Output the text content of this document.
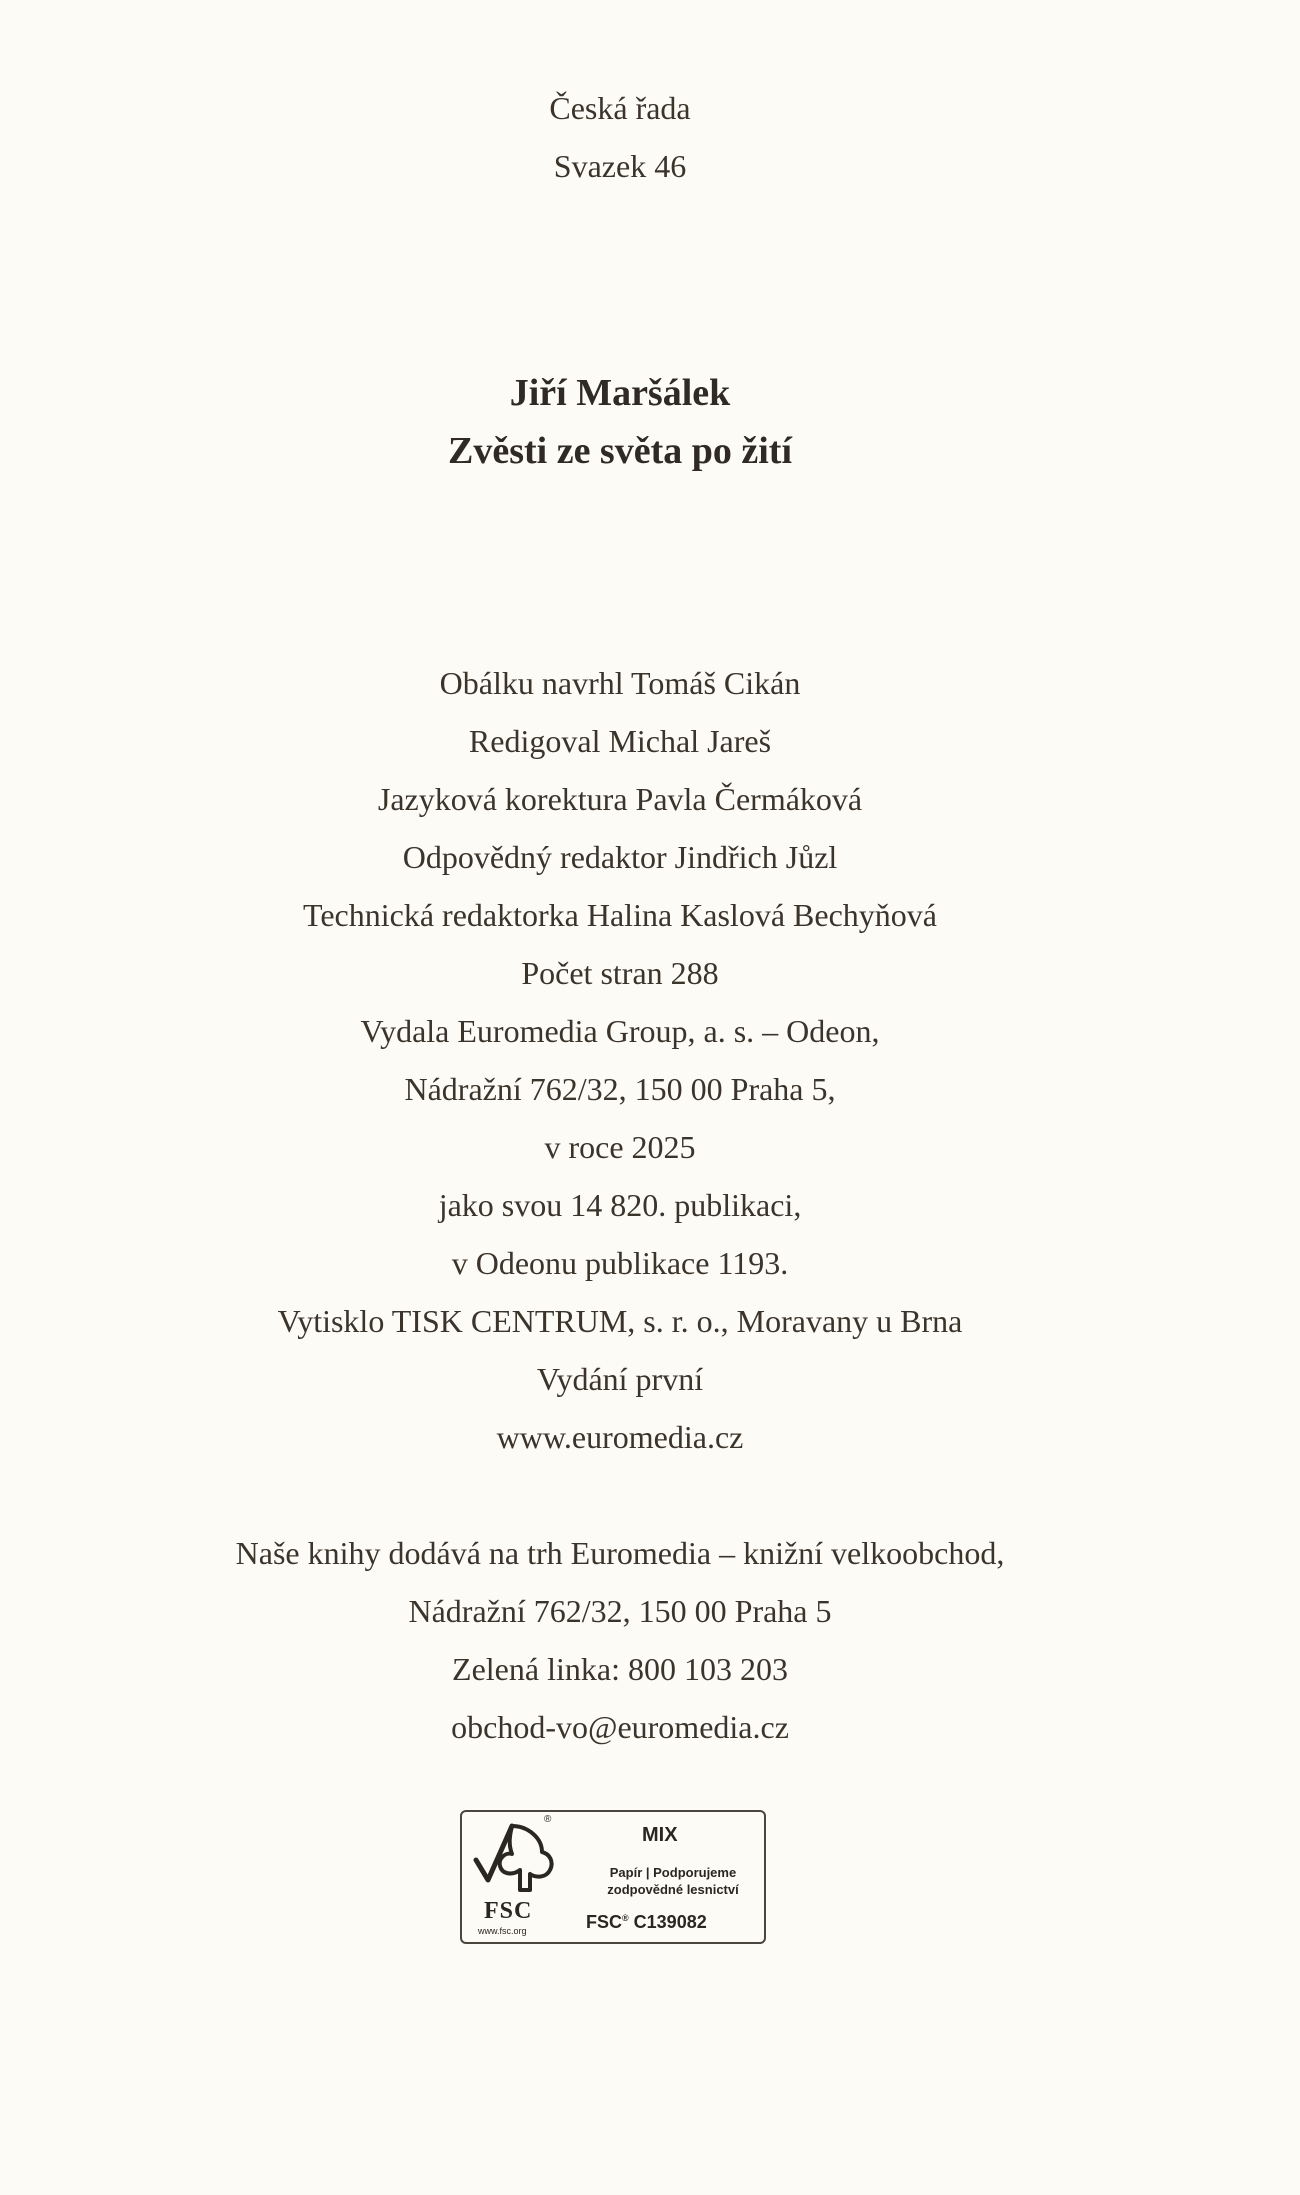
Česká řada
Svazek 46
Jiří Maršálek
Zvěsti ze světa po žití
Obálku navrhl Tomáš Cikán
Redigoval Michal Jareš
Jazyková korektura Pavla Čermáková
Odpovědný redaktor Jindřich Jůzl
Technická redaktorka Halina Kaslová Bechyňová
Počet stran 288
Vydala Euromedia Group, a. s. – Odeon,
Nádražní 762/32, 150 00 Praha 5,
v roce 2025
jako svou 14 820. publikaci,
v Odeonu publikace 1193.
Vytisklo TISK CENTRUM, s. r. o., Moravany u Brna
Vydání první
www.euromedia.cz
Naše knihy dodává na trh Euromedia – knižní velkoobchod,
Nádražní 762/32, 150 00 Praha 5
Zelená linka: 800 103 203
obchod-vo@euromedia.cz
®
FSC
www.fsc.org
MIX
Papír | Podporujeme
zodpovědné lesnictví
FSC® C139082
